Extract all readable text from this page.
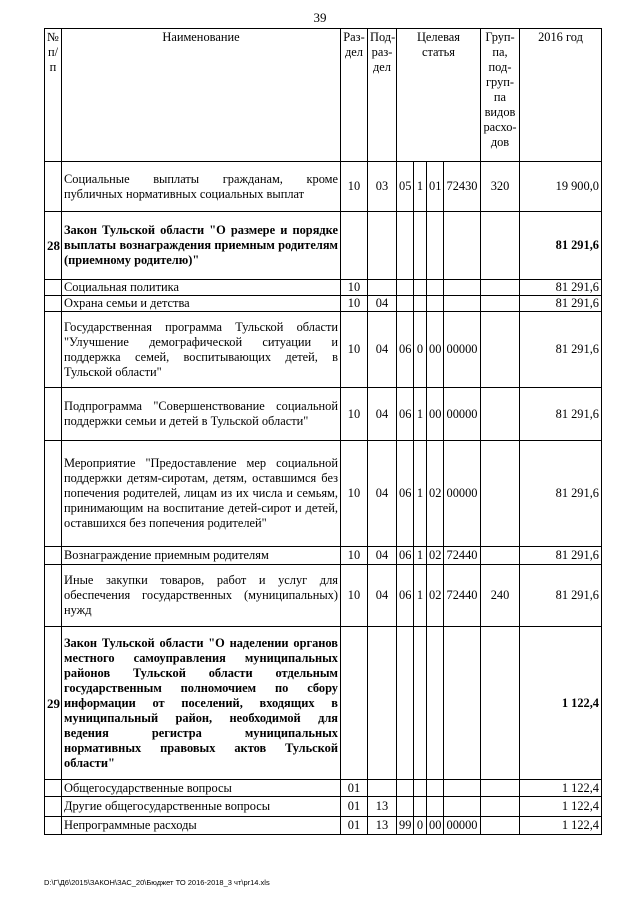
39
№ п/ п	Наименование	Раз- дел	Под- раз- дел	Целевая статья				Груп- па, под- груп- па видов расхо- дов	2016 год
	Социальные выплаты гражданам, кроме публичных нормативных социальных выплат	10	03	05	1	01	72430	320	19 900,0
28	Закон Тульской области "О размере и порядке выплаты вознаграждения приемным родителям (приемному родителю)"								81 291,6
	Социальная политика	10							81 291,6
	Охрана семьи и детства	10	04						81 291,6
	Государственная программа Тульской области "Улучшение демографической ситуации и поддержка семей, воспитывающих детей, в Тульской области"	10	04	06	0	00	00000		81 291,6
	Подпрограмма "Совершенствование социальной поддержки семьи и детей в Тульской области"	10	04	06	1	00	00000		81 291,6
	Мероприятие "Предоставление мер социальной поддержки детям-сиротам, детям, оставшимся без попечения родителей, лицам из их числа и семьям, принимающим на воспитание детей-сирот и детей, оставшихся без попечения родителей"	10	04	06	1	02	00000		81 291,6
	Вознаграждение приемным родителям	10	04	06	1	02	72440		81 291,6
	Иные закупки товаров, работ и услуг для обеспечения государственных (муниципальных) нужд	10	04	06	1	02	72440	240	81 291,6
29	Закон Тульской области "О наделении органов местного самоуправления муниципальных районов Тульской области отдельным государственным полномочием по сбору информации от поселений, входящих в муниципальный район, необходимой для ведения регистра муниципальных нормативных правовых актов Тульской области"								1 122,4
	Общегосударственные вопросы	01							1 122,4
	Другие общегосударственные вопросы	01	13						1 122,4
	Непрограммные расходы	01	13	99	0	00	00000		1 122,4
D:\Г\Д6\2015\ЗАКОН\ЗАС_20\Бюджет ТО 2016-2018_3 чт\pr14.xls
